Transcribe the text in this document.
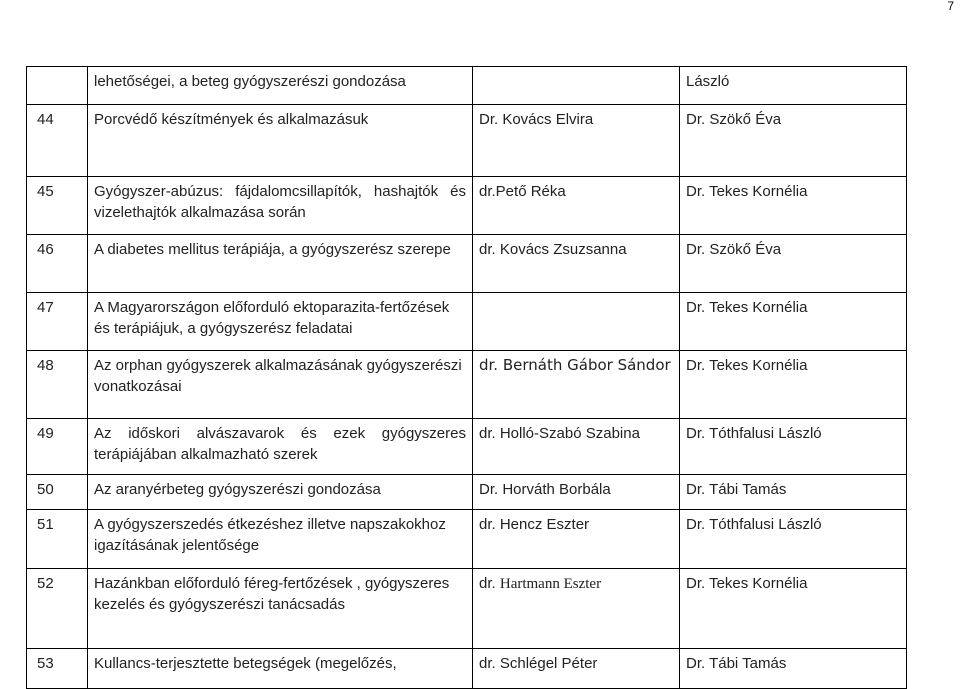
7
	lehetőségei, a beteg gyógyszerészi gondozása		László
44	Porcvédő készítmények és alkalmazásuk	Dr. Kovács Elvira	Dr. Szökő Éva
45	Gyógyszer-abúzus: fájdalomcsillapítók, hashajtók és vizelethajtók alkalmazása során	dr.Pető Réka	Dr. Tekes Kornélia
46	A diabetes mellitus terápiája, a gyógyszerész szerepe	dr. Kovács Zsuzsanna	Dr. Szökő Éva
47	A Magyarországon előforduló ektoparazita-fertőzések és terápiájuk, a gyógyszerész feladatai		Dr. Tekes Kornélia
48	Az orphan gyógyszerek alkalmazásának gyógyszerészi vonatkozásai	dr. Bernáth Gábor Sándor	Dr. Tekes Kornélia
49	Az időskori alvászavarok és ezek gyógyszeres terápiájában alkalmazható szerek	dr. Holló-Szabó Szabina	Dr. Tóthfalusi László
50	Az aranyérbeteg gyógyszerészi gondozása	Dr. Horváth Borbála	Dr. Tábi Tamás
51	A gyógyszerszedés étkezéshez illetve napszakokhoz igazításának jelentősége	dr. Hencz Eszter	Dr. Tóthfalusi László
52	Hazánkban előforduló féreg-fertőzések , gyógyszeres kezelés és gyógyszerészi tanácsadás	dr. Hartmann Eszter	Dr. Tekes Kornélia
53	Kullancs-terjesztette betegségek (megelőzés,	dr. Schlégel Péter	Dr. Tábi Tamás
